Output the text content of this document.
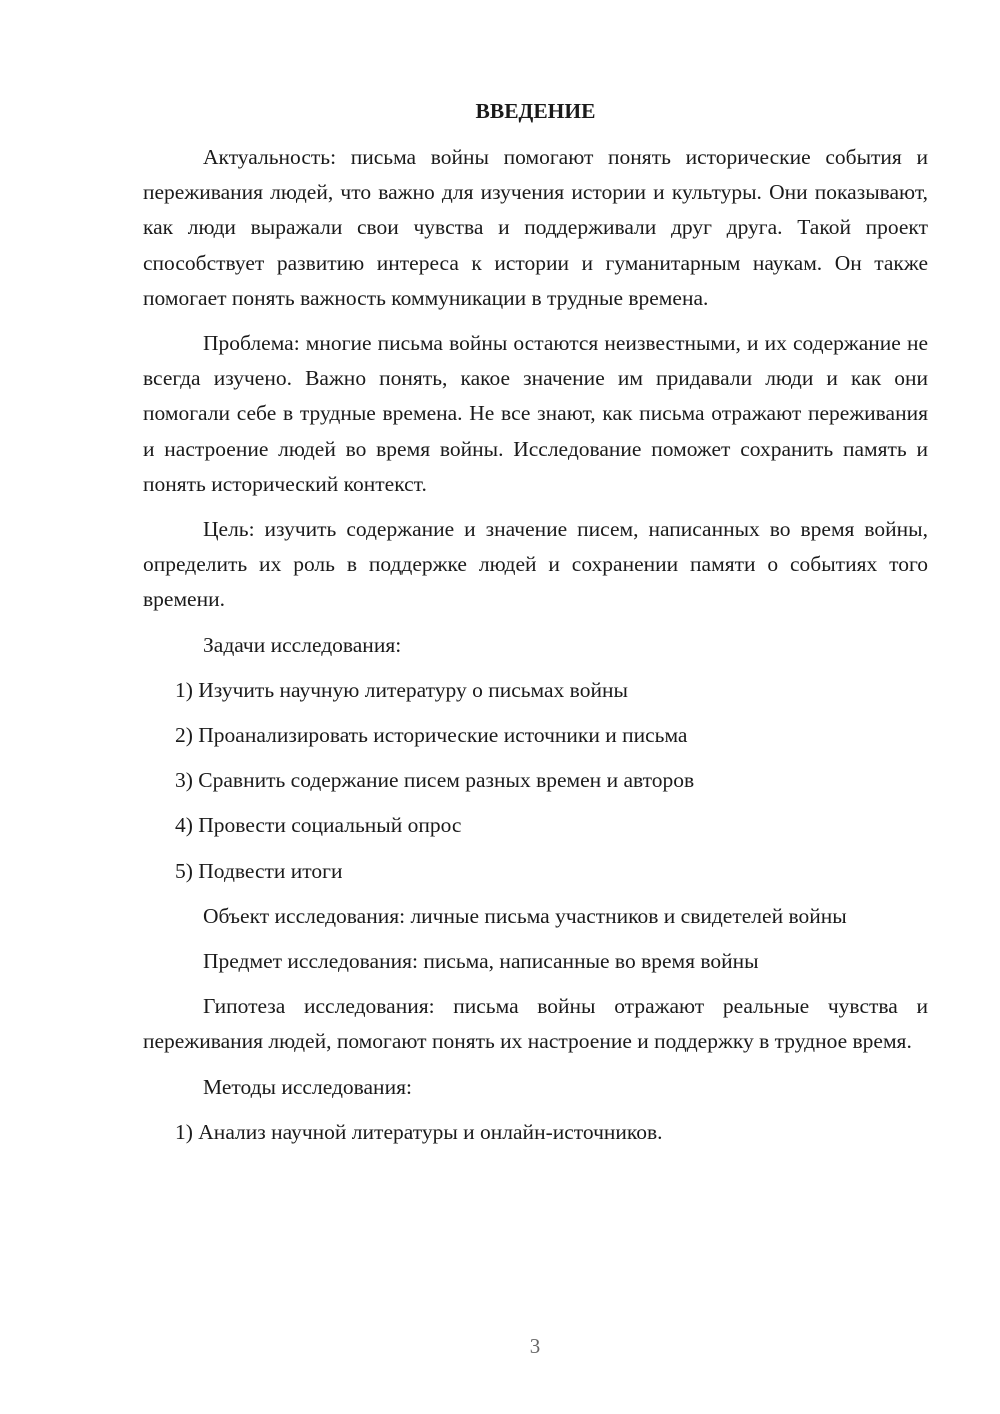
ВВЕДЕНИЕ

Актуальность: письма войны помогают понять исторические события и переживания людей, что важно для изучения истории и культуры. Они показывают, как люди выражали свои чувства и поддерживали друг друга. Такой проект способствует развитию интереса к истории и гуманитарным наукам. Он также помогает понять важность коммуникации в трудные времена.

Проблема: многие письма войны остаются неизвестными, и их содержание не всегда изучено. Важно понять, какое значение им придавали люди и как они помогали себе в трудные времена. Не все знают, как письма отражают переживания и настроение людей во время войны. Исследование поможет сохранить память и понять исторический контекст.

Цель: изучить содержание и значение писем, написанных во время войны, определить их роль в поддержке людей и сохранении памяти о событиях того времени.

Задачи исследования:

1) Изучить научную литературу о письмах войны
2) Проанализировать исторические источники и письма
3) Сравнить содержание писем разных времен и авторов
4) Провести социальный опрос
5) Подвести итоги

Объект исследования: личные письма участников и свидетелей войны

Предмет исследования: письма, написанные во время войны

Гипотеза исследования: письма войны отражают реальные чувства и переживания людей, помогают понять их настроение и поддержку в трудное время.

Методы исследования:

1) Анализ научной литературы и онлайн-источников.
3
